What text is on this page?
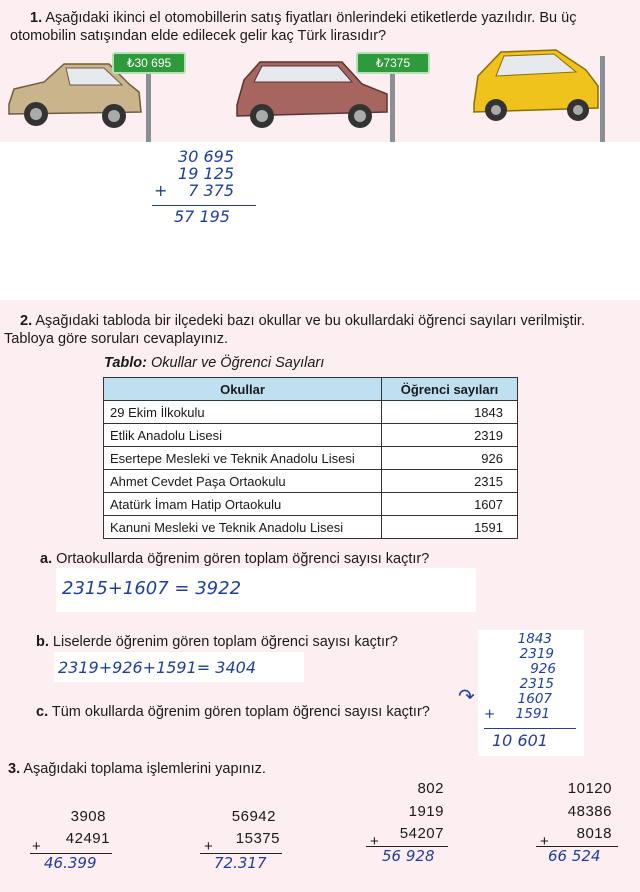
1. Aşağıdaki ikinci el otomobillerin satış fiyatları önlerindeki etiketlerde yazılıdır. Bu üç
otomobilin satışından elde edilecek gelir kaç Türk lirasıdır?
₺30 695	₺7375
30 695
19 125
+ 7 375
57 195
2. Aşağıdaki tabloda bir ilçedeki bazı okullar ve bu okullardaki öğrenci sayıları verilmiştir.
Tabloya göre soruları cevaplayınız.
Tablo: Okullar ve Öğrenci Sayıları
Okullar	Öğrenci sayıları
29 Ekim İlkokulu	1843
Etlik Anadolu Lisesi	2319
Esertepe Mesleki ve Teknik Anadolu Lisesi	926
Ahmet Cevdet Paşa Ortaokulu	2315
Atatürk İmam Hatip Ortaokulu	1607
Kanuni Mesleki ve Teknik Anadolu Lisesi	1591
a. Ortaokullarda öğrenim gören toplam öğrenci sayısı kaçtır?
2315+1607 = 3922
b. Liselerde öğrenim gören toplam öğrenci sayısı kaçtır?
2319+926+1591= 3404
c. Tüm okullarda öğrenim gören toplam öğrenci sayısı kaçtır?
↷
1843
2319
926
2315
1607
+ 1591
10 601
3. Aşağıdaki toplama işlemlerini yapınız.
3908
+ 42491
46.399
56942
+ 15375
72.317
802
1919
+ 54207
56 928
10120
48386
+ 8018
66 524
